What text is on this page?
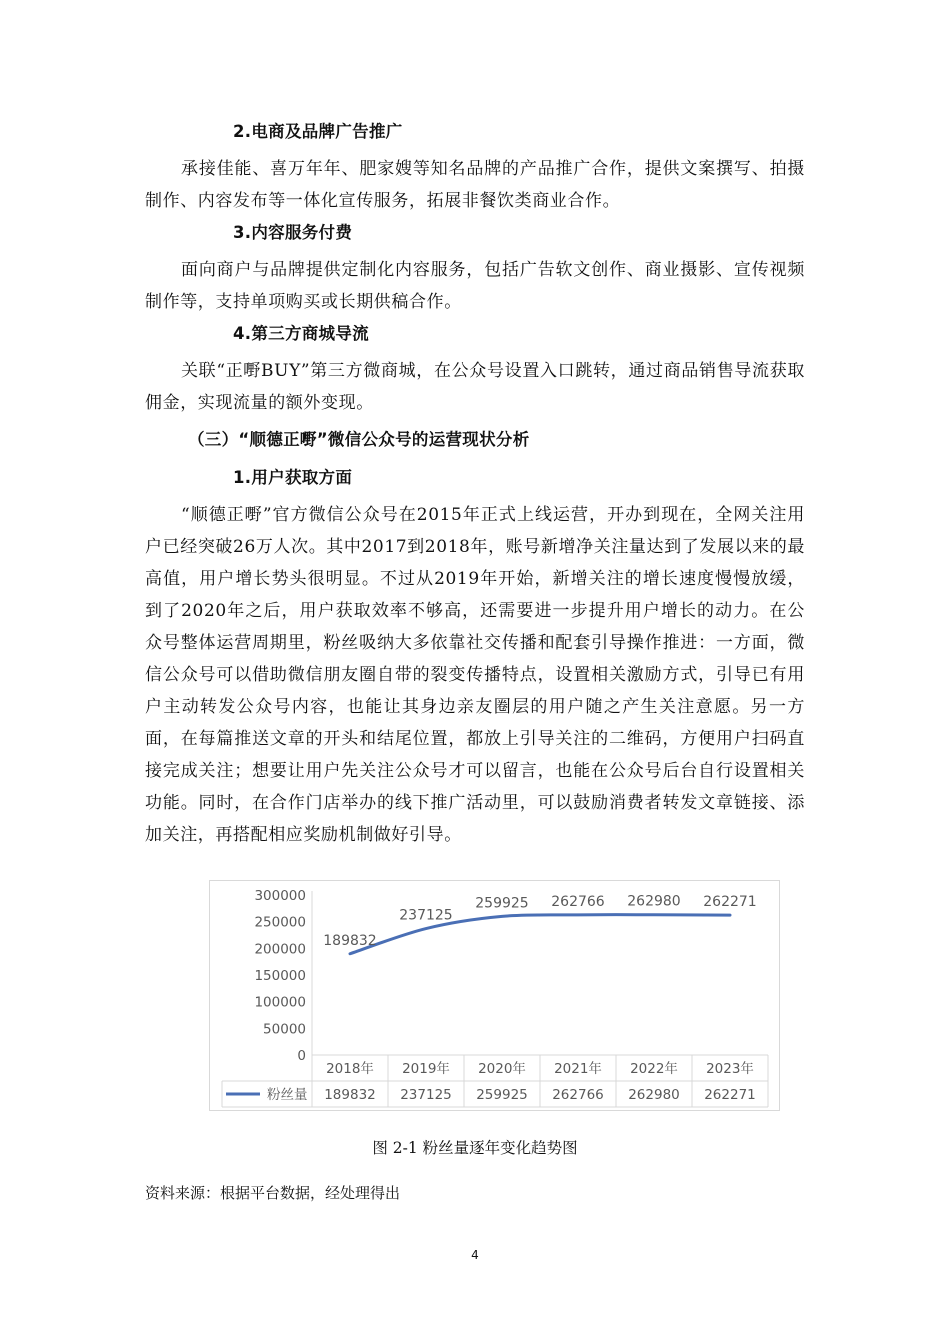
2.电商及品牌广告推广
承接佳能、喜万年年、肥家嫂等知名品牌的产品推广合作，提供文案撰写、拍摄制作、内容发布等一体化宣传服务，拓展非餐饮类商业合作。
3.内容服务付费
面向商户与品牌提供定制化内容服务，包括广告软文创作、商业摄影、宣传视频制作等，支持单项购买或长期供稿合作。
4.第三方商城导流
关联“正嘢BUY”第三方微商城，在公众号设置入口跳转，通过商品销售导流获取佣金，实现流量的额外变现。
（三）“顺德正嘢”微信公众号的运营现状分析
1.用户获取方面
“顺德正嘢”官方微信公众号在2015年正式上线运营，开办到现在，全网关注用户已经突破26万人次。其中2017到2018年，账号新增净关注量达到了发展以来的最高值，用户增长势头很明显。不过从2019年开始，新增关注的增长速度慢慢放缓，到了2020年之后，用户获取效率不够高，还需要进一步提升用户增长的动力。在公众号整体运营周期里，粉丝吸纳大多依靠社交传播和配套引导操作推进：一方面，微信公众号可以借助微信朋友圈自带的裂变传播特点，设置相关激励方式，引导已有用户主动转发公众号内容，也能让其身边亲友圈层的用户随之产生关注意愿。另一方面，在每篇推送文章的开头和结尾位置，都放上引导关注的二维码，方便用户扫码直接完成关注；想要让用户先关注公众号才可以留言，也能在公众号后台自行设置相关功能。同时，在合作门店举办的线下推广活动里，可以鼓励消费者转发文章链接、添加关注，再搭配相应奖励机制做好引导。
300000
250000
200000
150000
100000
50000
0
2018年 2019年 2020年 2021年 2022年 2023年
189832
237125
259925 262766 262980 262271
粉丝量 189832 237125 259925 262766 262980 262271
图 2-1 粉丝量逐年变化趋势图
资料来源：根据平台数据，经处理得出
4
